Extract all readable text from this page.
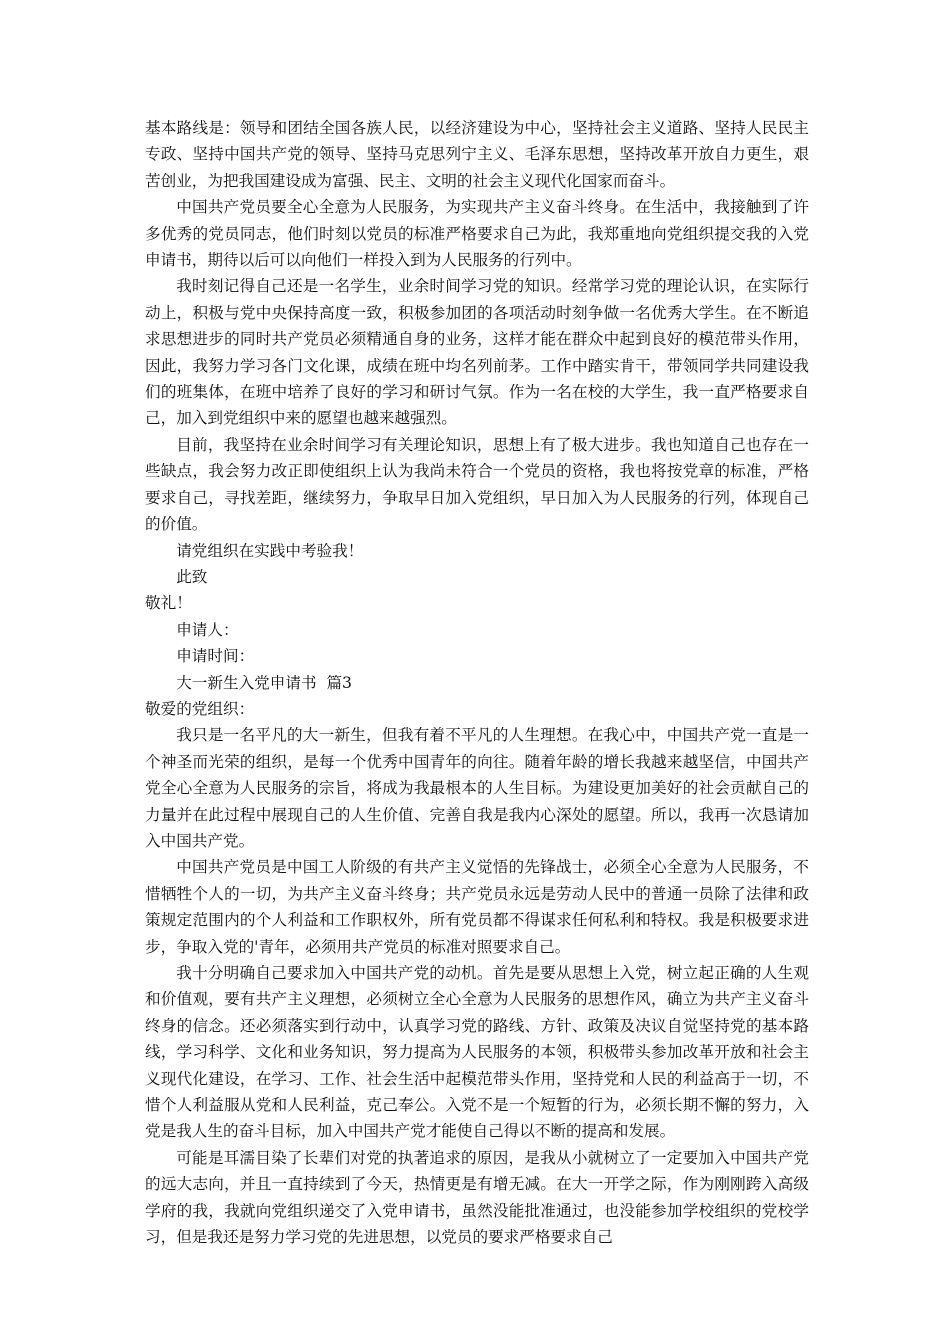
基本路线是：领导和团结全国各族人民，以经济建设为中心，坚持社会主义道路、坚持人民民主专政、坚持中国共产党的领导、坚持马克思列宁主义、毛泽东思想，坚持改革开放自力更生，艰苦创业，为把我国建设成为富强、民主、文明的社会主义现代化国家而奋斗。

中国共产党员要全心全意为人民服务，为实现共产主义奋斗终身。在生活中，我接触到了许多优秀的党员同志，他们时刻以党员的标准严格要求自己为此，我郑重地向党组织提交我的入党申请书，期待以后可以向他们一样投入到为人民服务的行列中。

我时刻记得自己还是一名学生，业余时间学习党的知识。经常学习党的理论认识，在实际行动上，积极与党中央保持高度一致，积极参加团的各项活动时刻争做一名优秀大学生。在不断追求思想进步的同时共产党员必须精通自身的业务，这样才能在群众中起到良好的模范带头作用，因此，我努力学习各门文化课，成绩在班中均名列前茅。工作中踏实肯干，带领同学共同建设我们的班集体，在班中培养了良好的学习和研讨气氛。作为一名在校的大学生，我一直严格要求自己，加入到党组织中来的愿望也越来越强烈。

目前，我坚持在业余时间学习有关理论知识，思想上有了极大进步。我也知道自己也存在一些缺点，我会努力改正即使组织上认为我尚未符合一个党员的资格，我也将按党章的标准，严格要求自己，寻找差距，继续努力，争取早日加入党组织，早日加入为人民服务的行列，体现自己的价值。

请党组织在实践中考验我！

此致

敬礼！

申请人：

申请时间：

大一新生入党申请书  篇3

敬爱的党组织：

我只是一名平凡的大一新生，但我有着不平凡的人生理想。在我心中，中国共产党一直是一个神圣而光荣的组织，是每一个优秀中国青年的向往。随着年龄的增长我越来越坚信，中国共产党全心全意为人民服务的宗旨，将成为我最根本的人生目标。为建设更加美好的社会贡献自己的力量并在此过程中展现自己的人生价值、完善自我是我内心深处的愿望。所以，我再一次恳请加入中国共产党。

中国共产党员是中国工人阶级的有共产主义觉悟的先锋战士，必须全心全意为人民服务，不惜牺牲个人的一切，为共产主义奋斗终身；共产党员永远是劳动人民中的普通一员除了法律和政策规定范围内的个人利益和工作职权外，所有党员都不得谋求任何私利和特权。我是积极要求进步，争取入党的'青年，必须用共产党员的标准对照要求自己。

我十分明确自己要求加入中国共产党的动机。首先是要从思想上入党，树立起正确的人生观和价值观，要有共产主义理想，必须树立全心全意为人民服务的思想作风，确立为共产主义奋斗终身的信念。还必须落实到行动中，认真学习党的路线、方针、政策及决议自觉坚持党的基本路线，学习科学、文化和业务知识，努力提高为人民服务的本领，积极带头参加改革开放和社会主义现代化建设，在学习、工作、社会生活中起模范带头作用，坚持党和人民的利益高于一切，不惜个人利益服从党和人民利益，克己奉公。入党不是一个短暂的行为，必须长期不懈的努力，入党是我人生的奋斗目标，加入中国共产党才能使自己得以不断的提高和发展。

可能是耳濡目染了长辈们对党的执著追求的原因，是我从小就树立了一定要加入中国共产党的远大志向，并且一直持续到了今天，热情更是有增无减。在大一开学之际，作为刚刚跨入高级学府的我，我就向党组织递交了入党申请书，虽然没能批准通过，也没能参加学校组织的党校学习，但是我还是努力学习党的先进思想，以党员的要求严格要求自己
